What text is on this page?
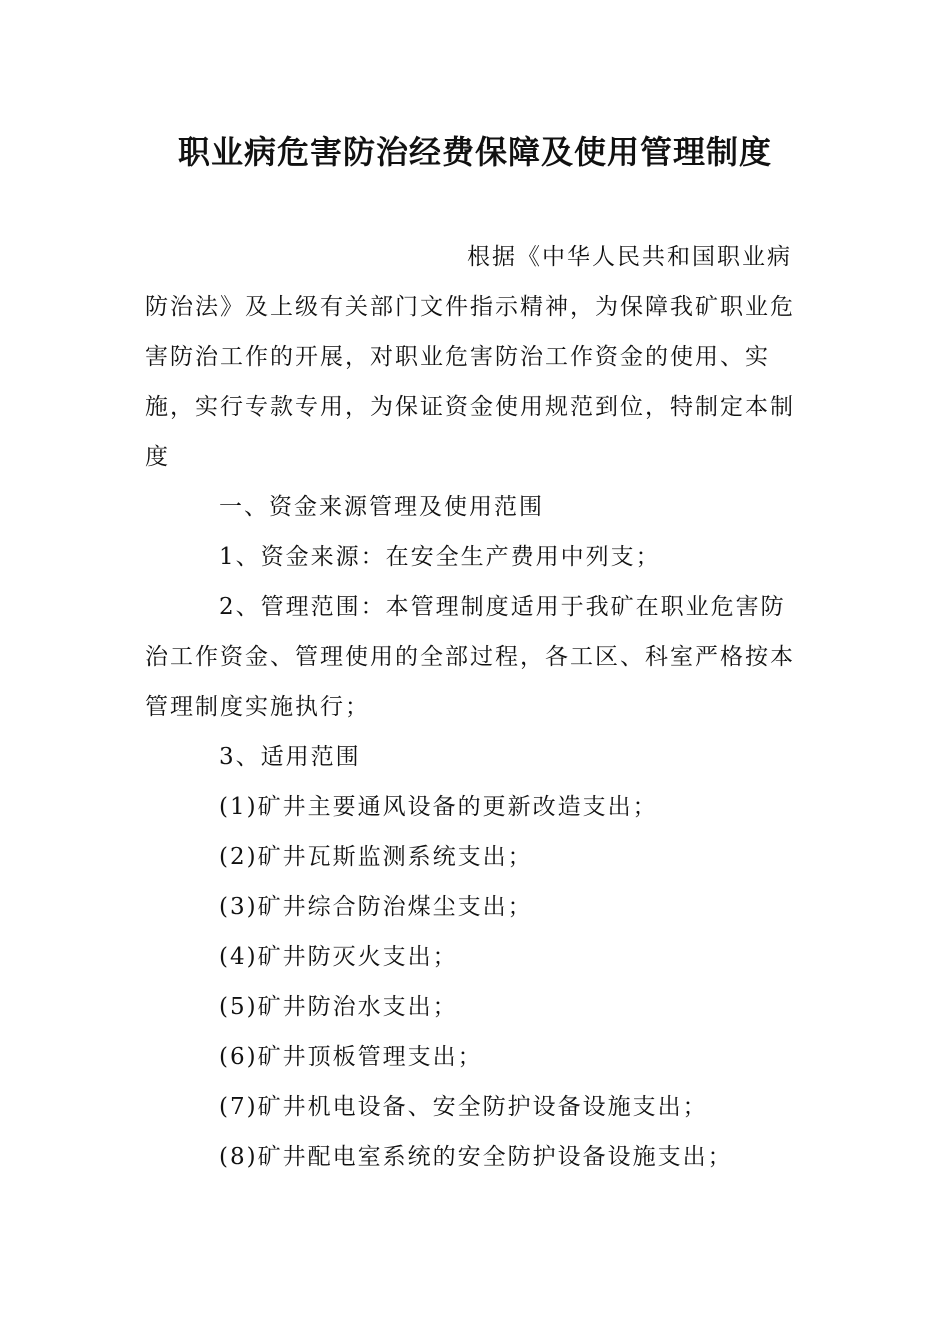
职业病危害防治经费保障及使用管理制度

根据《中华人民共和国职业病防治法》及上级有关部门文件指示精神，为保障我矿职业危害防治工作的开展，对职业危害防治工作资金的使用、实施，实行专款专用，为保证资金使用规范到位，特制定本制度

一、资金来源管理及使用范围

1、资金来源：在安全生产费用中列支；

2、管理范围：本管理制度适用于我矿在职业危害防治工作资金、管理使用的全部过程，各工区、科室严格按本管理制度实施执行；

3、适用范围

(1)矿井主要通风设备的更新改造支出；

(2)矿井瓦斯监测系统支出；

(3)矿井综合防治煤尘支出；

(4)矿井防灭火支出；

(5)矿井防治水支出；

(6)矿井顶板管理支出；

(7)矿井机电设备、安全防护设备设施支出；

(8)矿井配电室系统的安全防护设备设施支出；
